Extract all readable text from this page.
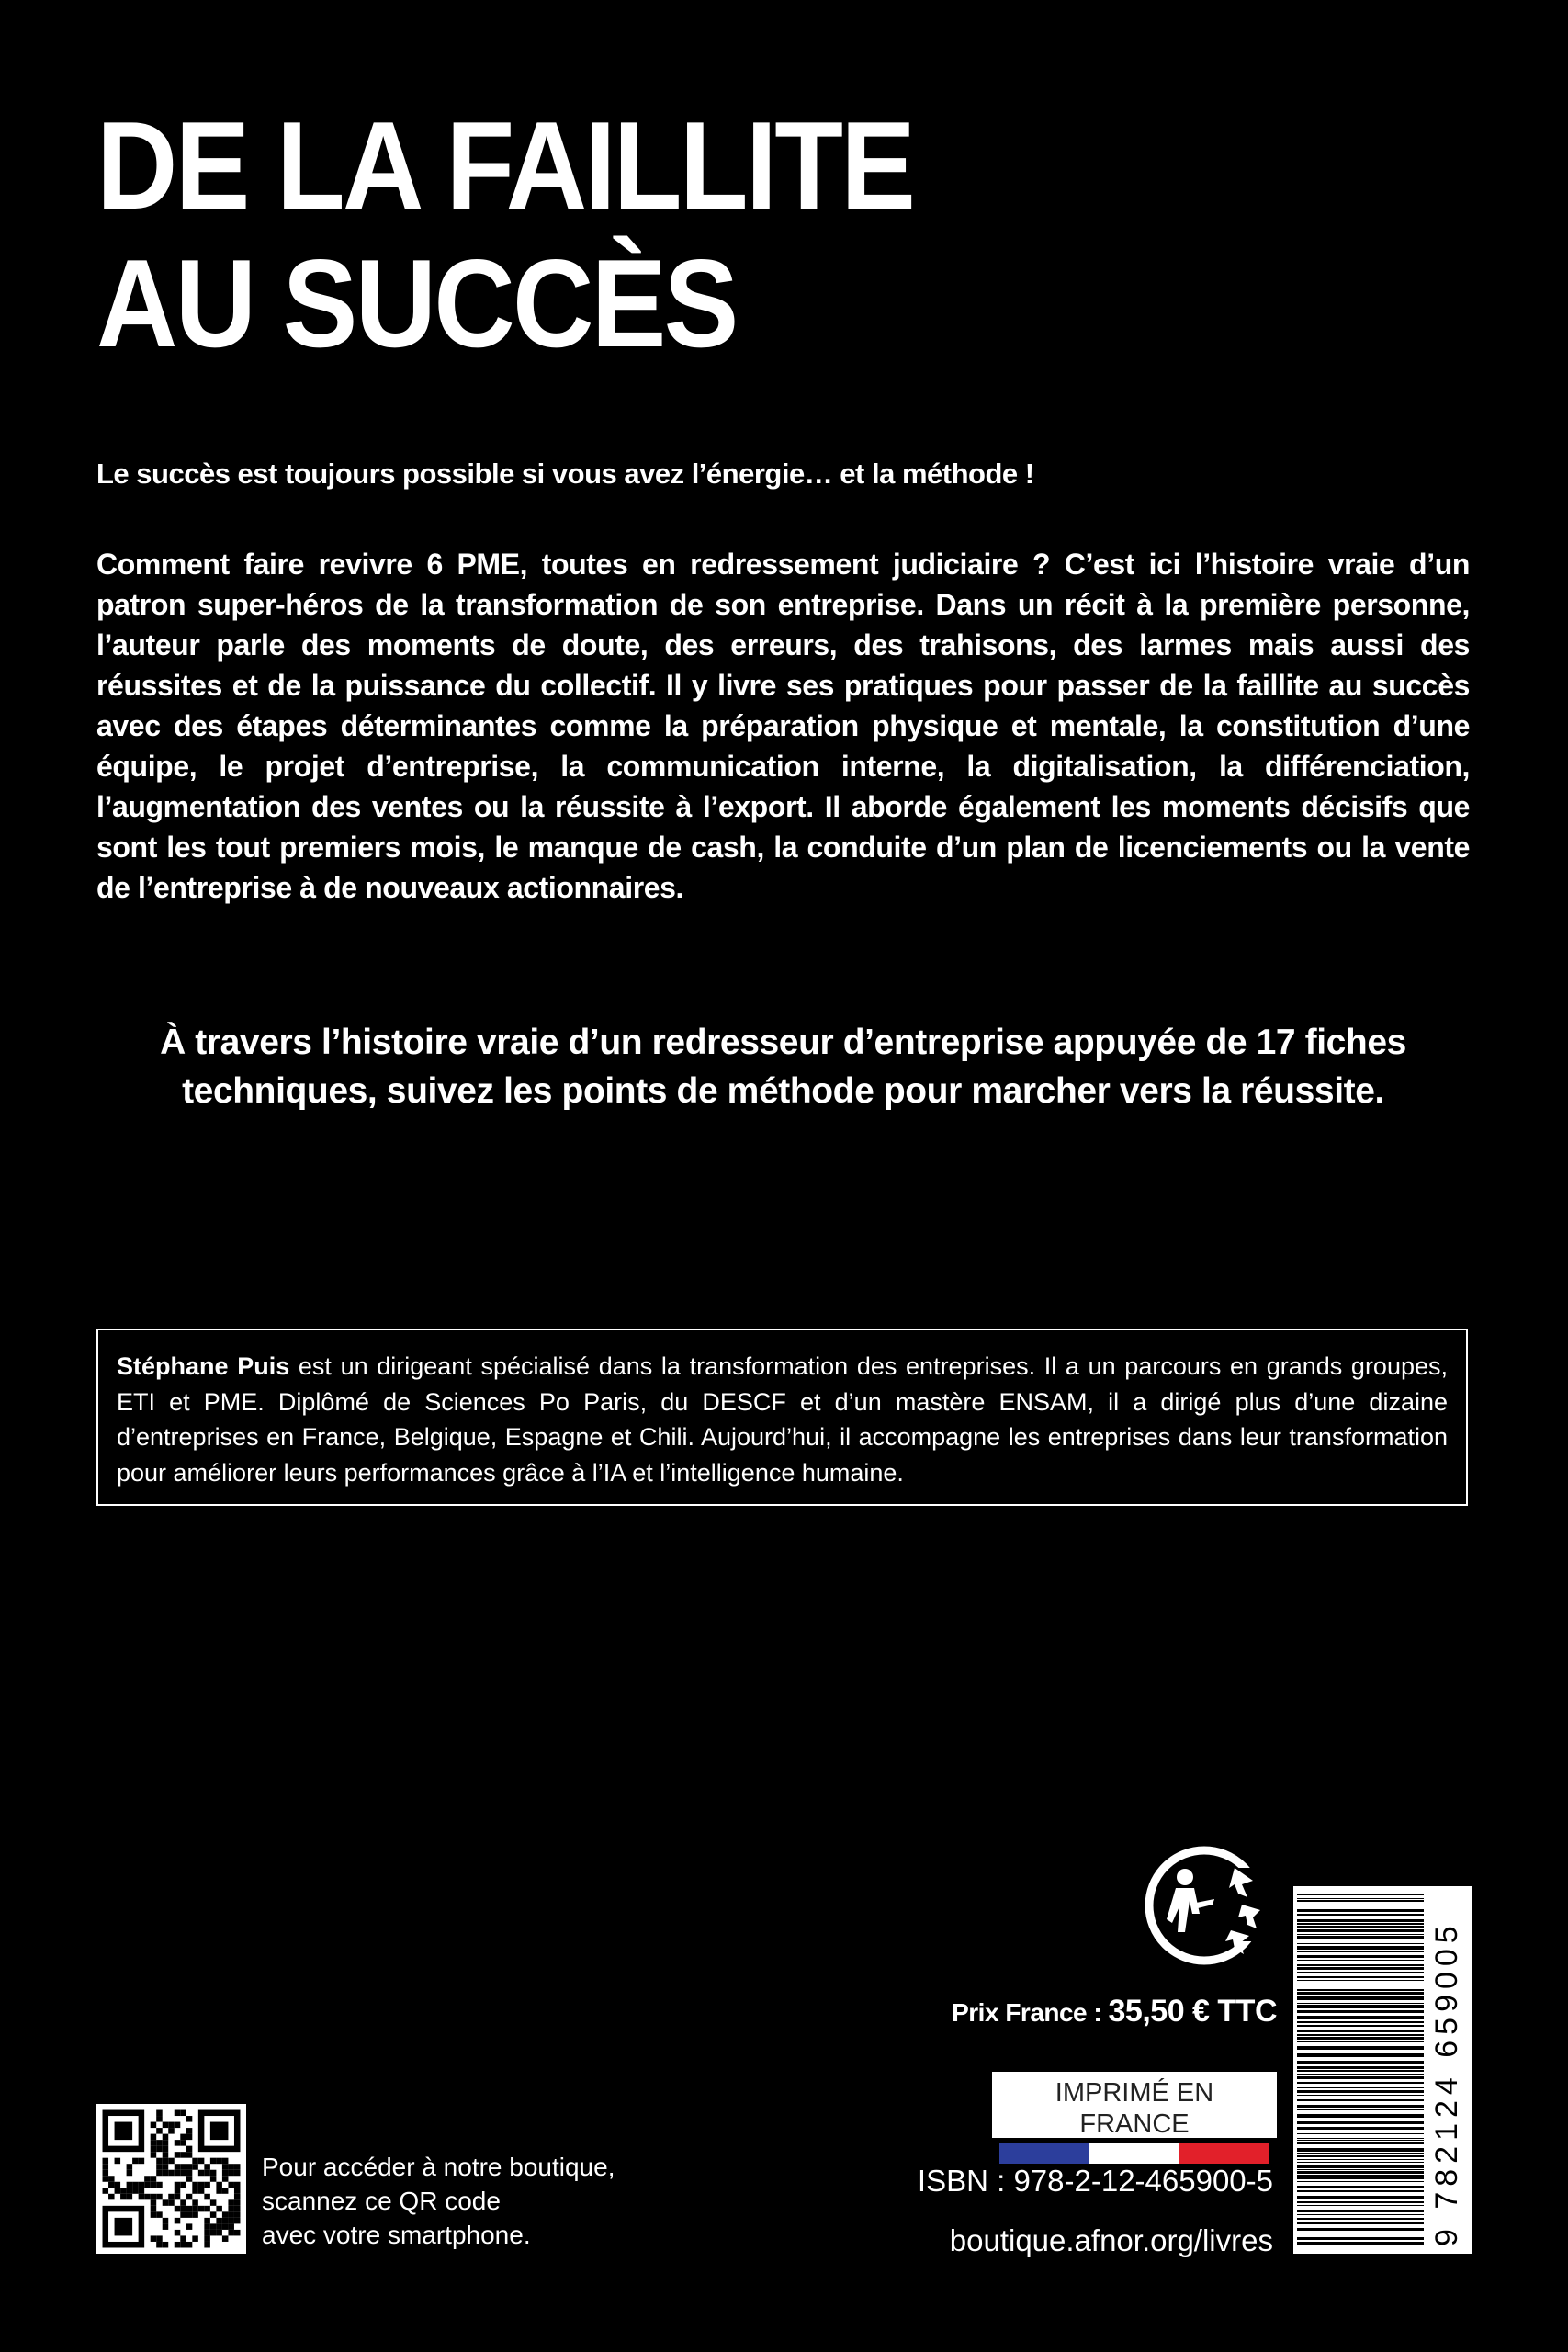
DE LA FAILLITE
AU SUCCÈS
Le succès est toujours possible si vous avez l’énergie… et la méthode !
Comment faire revivre 6 PME, toutes en redressement judiciaire ? C’est ici l’histoire vraie d’un patron super-héros de la transformation de son entreprise. Dans un récit à la première personne, l’auteur parle des moments de doute, des erreurs, des trahisons, des larmes mais aussi des réussites et de la puissance du collectif. Il y livre ses pratiques pour passer de la faillite au succès avec des étapes déterminantes comme la préparation physique et mentale, la constitution d’une équipe, le projet d’entreprise, la communication interne, la digitalisation, la différenciation, l’augmentation des ventes ou la réussite à l’export. Il aborde également les moments décisifs que sont les tout premiers mois, le manque de cash, la conduite d’un plan de licenciements ou la vente de l’entreprise à de nouveaux actionnaires.
À travers l’histoire vraie d’un redresseur d’entreprise appuyée de 17 fiches
techniques, suivez les points de méthode pour marcher vers la réussite.
Stéphane Puis est un dirigeant spécialisé dans la transformation des entreprises. Il a un parcours en grands groupes, ETI et PME. Diplômé de Sciences Po Paris, du DESCF et d’un mastère ENSAM, il a dirigé plus d’une dizaine d’entreprises en France, Belgique, Espagne et Chili. Aujourd’hui, il accompagne les entreprises dans leur transformation pour améliorer leurs performances grâce à l’IA et l’intelligence humaine.
Prix France : 35,50 € TTC
IMPRIMÉ EN FRANCE
ISBN : 978-2-12-465900-5
boutique.afnor.org/livres	9 782124 659005
Pour accéder à notre boutique,
scannez ce QR code
avec votre smartphone.
